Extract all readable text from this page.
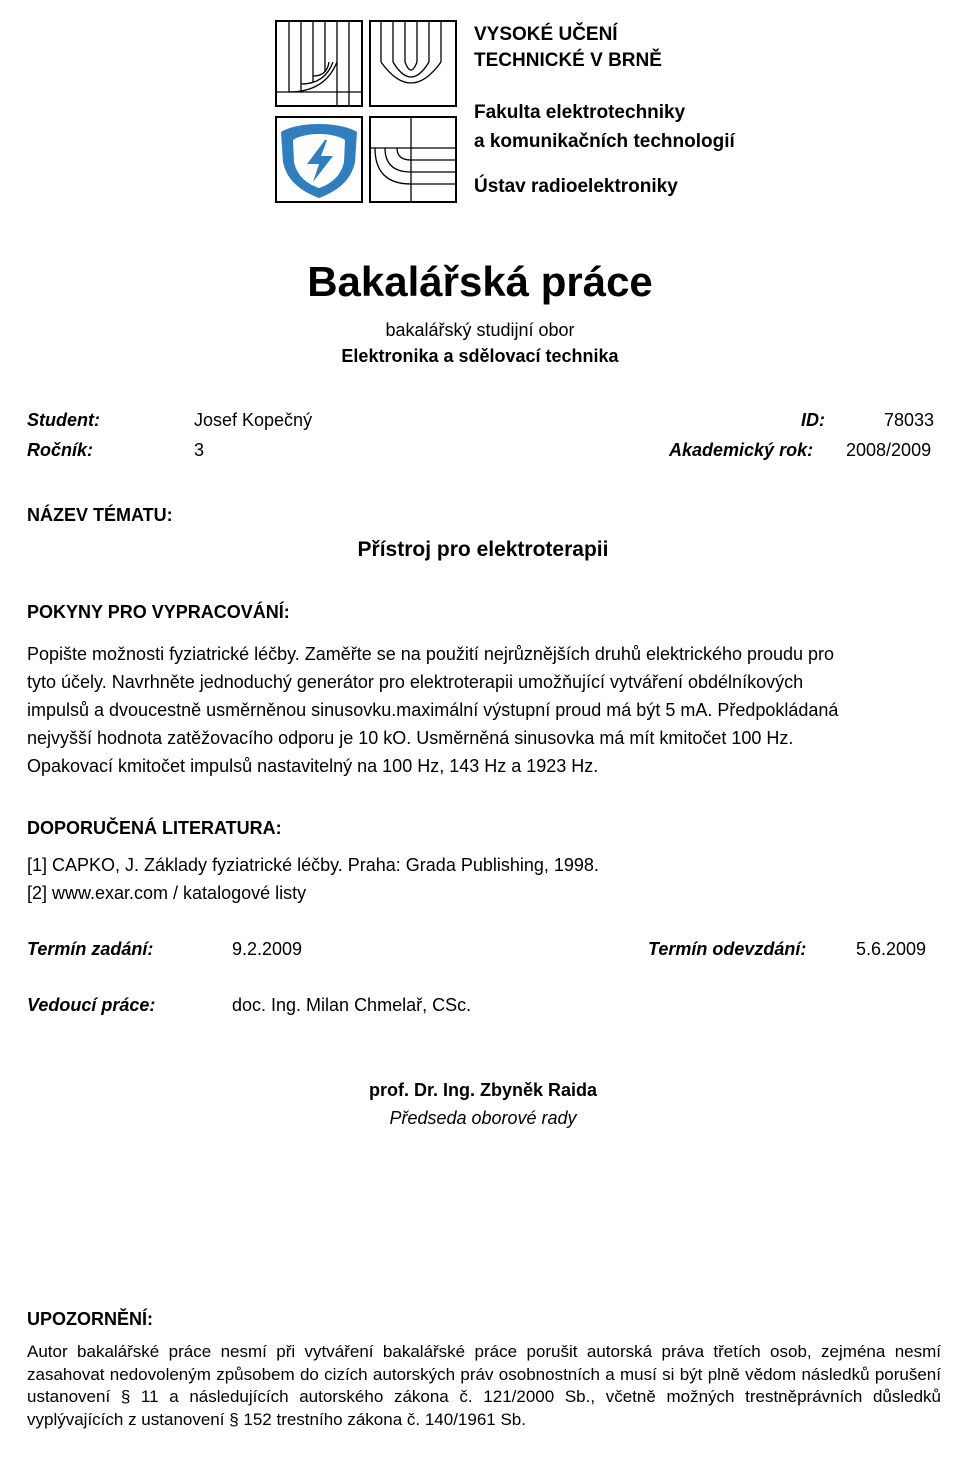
VYSOKÉ UČENÍ
TECHNICKÉ V BRNĚ
Fakulta elektrotechniky
a komunikačních technologií
Ústav radioelektroniky
Bakalářská práce
bakalářský studijní obor
Elektronika a sdělovací technika
Student:	Josef Kopečný	ID:	78033
Ročník:	3	Akademický rok: 2008/2009
NÁZEV TÉMATU:
Přístroj pro elektroterapii
POKYNY PRO VYPRACOVÁNÍ:
Popište možnosti fyziatrické léčby. Zaměřte se na použití nejrůznějších druhů elektrického proudu pro
tyto účely. Navrhněte jednoduchý generátor pro elektroterapii umožňující vytváření obdélníkových
impulsů a dvoucestně usměrněnou sinusovku.maximální výstupní proud má být 5 mA. Předpokládaná
nejvyšší hodnota zatěžovacího odporu je 10 kO. Usměrněná sinusovka má mít kmitočet 100 Hz.
Opakovací kmitočet impulsů nastavitelný na 100 Hz, 143 Hz a 1923 Hz.
DOPORUČENÁ LITERATURA:
[1] CAPKO, J. Základy fyziatrické léčby. Praha: Grada Publishing, 1998.
[2] www.exar.com / katalogové listy
Termín zadání:	9.2.2009	Termín odevzdání:	5.6.2009
Vedoucí práce:	doc. Ing. Milan Chmelař, CSc.
prof. Dr. Ing. Zbyněk Raida
Předseda oborové rady
UPOZORNĚNÍ:
Autor bakalářské práce nesmí při vytváření bakalářské práce porušit autorská práva třetích osob, zejména nesmí zasahovat nedovoleným způsobem do cizích autorských práv osobnostních a musí si být plně vědom následků porušení ustanovení § 11 a následujících autorského zákona č. 121/2000 Sb., včetně možných trestněprávních důsledků vyplývajících z ustanovení § 152 trestního zákona č. 140/1961 Sb.
